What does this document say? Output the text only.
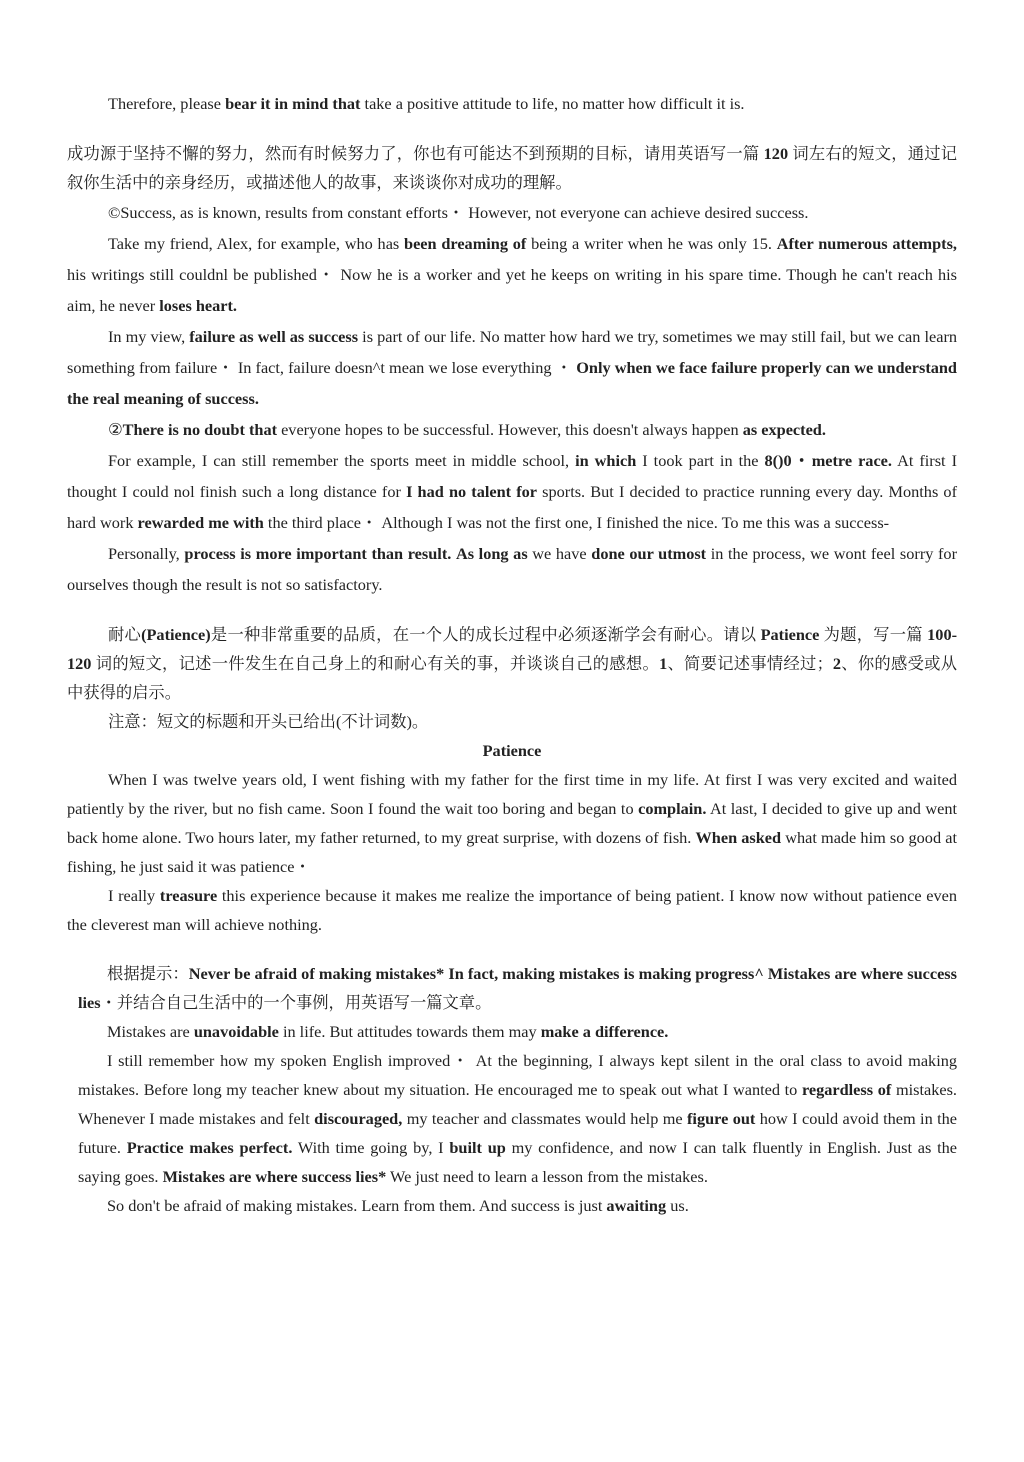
Therefore, please bear it in mind that take a positive attitude to life, no matter how difficult it is.

成功源于坚持不懈的努力，然而有时候努力了，你也有可能达不到预期的目标，请用英语写一篇 120 词左右的短文，通过记叙你生活中的亲身经历，或描述他人的故事，来谈谈你对成功的理解。

©Success, as is known, results from constant efforts・ However, not everyone can achieve desired success.

Take my friend, Alex, for example, who has been dreaming of being a writer when he was only 15. After numerous attempts, his writings still couldnl be published・ Now he is a worker and yet he keeps on writing in his spare time. Though he can't reach his aim, he never loses heart.

In my view, failure as well as success is part of our life. No matter how hard we try, sometimes we may still fail, but we can learn something from failure・ In fact, failure doesn^t mean we lose everything ・ Only when we face failure properly can we understand the real meaning of success.

②There is no doubt that everyone hopes to be successful. However, this doesn't always happen as expected.

For example, I can still remember the sports meet in middle school, in which I took part in the 8()0・metre race. At first I thought I could nol finish such a long distance for I had no talent for sports. But I decided to practice running every day. Months of hard work rewarded me with the third place・ Although I was not the first one, I finished the nice. To me this was a success-

Personally, process is more important than result. As long as we have done our utmost in the process, we wont feel sorry for ourselves though the result is not so satisfactory.

耐心(Patience)是一种非常重要的品质，在一个人的成长过程中必须逐渐学会有耐心。请以 Patience 为题，写一篇 100-120 词的短文，记述一件发生在自己身上的和耐心有关的事，并谈谈自己的感想。1、简要记述事情经过；2、你的感受或从中获得的启示。

注意：短文的标题和开头已给出(不计词数)。

Patience

When I was twelve years old, I went fishing with my father for the first time in my life. At first I was very excited and waited patiently by the river, but no fish came. Soon I found the wait too boring and began to complain. At last, I decided to give up and went back home alone. Two hours later, my father returned, to my great surprise, with dozens of fish. When asked what made him so good at fishing, he just said it was patience・

I really treasure this experience because it makes me realize the importance of being patient. I know now without patience even the cleverest man will achieve nothing.

根据提示：Never be afraid of making mistakes* In fact, making mistakes is making progress^ Mistakes are where success lies・并结合自己生活中的一个事例，用英语写一篇文章。

Mistakes are unavoidable in life. But attitudes towards them may make a difference.

I still remember how my spoken English improved・ At the beginning, I always kept silent in the oral class to avoid making mistakes. Before long my teacher knew about my situation. He encouraged me to speak out what I wanted to regardless of mistakes. Whenever I made mistakes and felt discouraged, my teacher and classmates would help me figure out how I could avoid them in the future. Practice makes perfect. With time going by, I built up my confidence, and now I can talk fluently in English. Just as the saying goes. Mistakes are where success lies* We just need to learn a lesson from the mistakes.

So don't be afraid of making mistakes. Learn from them. And success is just awaiting us.
